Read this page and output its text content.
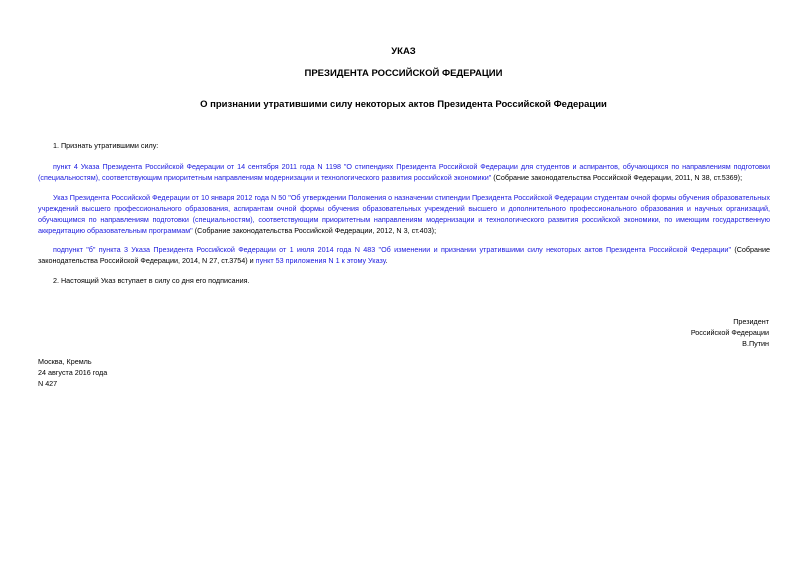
УКАЗ
ПРЕЗИДЕНТА РОССИЙСКОЙ ФЕДЕРАЦИИ
О признании утратившими силу некоторых актов Президента Российской Федерации
1. Признать утратившими силу:
пункт 4 Указа Президента Российской Федерации от 14 сентября 2011 года N 1198 "О стипендиях Президента Российской Федерации для студентов и аспирантов, обучающихся по направлениям подготовки (специальностям), соответствующим приоритетным направлениям модернизации и технологического развития российской экономики" (Собрание законодательства Российской Федерации, 2011, N 38, ст.5369);
Указ Президента Российской Федерации от 10 января 2012 года N 50 "Об утверждении Положения о назначении стипендии Президента Российской Федерации студентам очной формы обучения образовательных учреждений высшего профессионального образования, аспирантам очной формы обучения образовательных учреждений высшего и дополнительного профессионального образования и научных организаций, обучающимся по направлениям подготовки (специальностям), соответствующим приоритетным направлениям модернизации и технологического развития российской экономики, по имеющим государственную аккредитацию образовательным программам" (Собрание законодательства Российской Федерации, 2012, N 3, ст.403);
подпункт "б" пункта 3 Указа Президента Российской Федерации от 1 июля 2014 года N 483 "Об изменении и признании утратившими силу некоторых актов Президента Российской Федерации" (Собрание законодательства Российской Федерации, 2014, N 27, ст.3754) и пункт 53 приложения N 1 к этому Указу.
2. Настоящий Указ вступает в силу со дня его подписания.
Президент
Российской Федерации
В.Путин
Москва, Кремль
24 августа 2016 года
N 427
